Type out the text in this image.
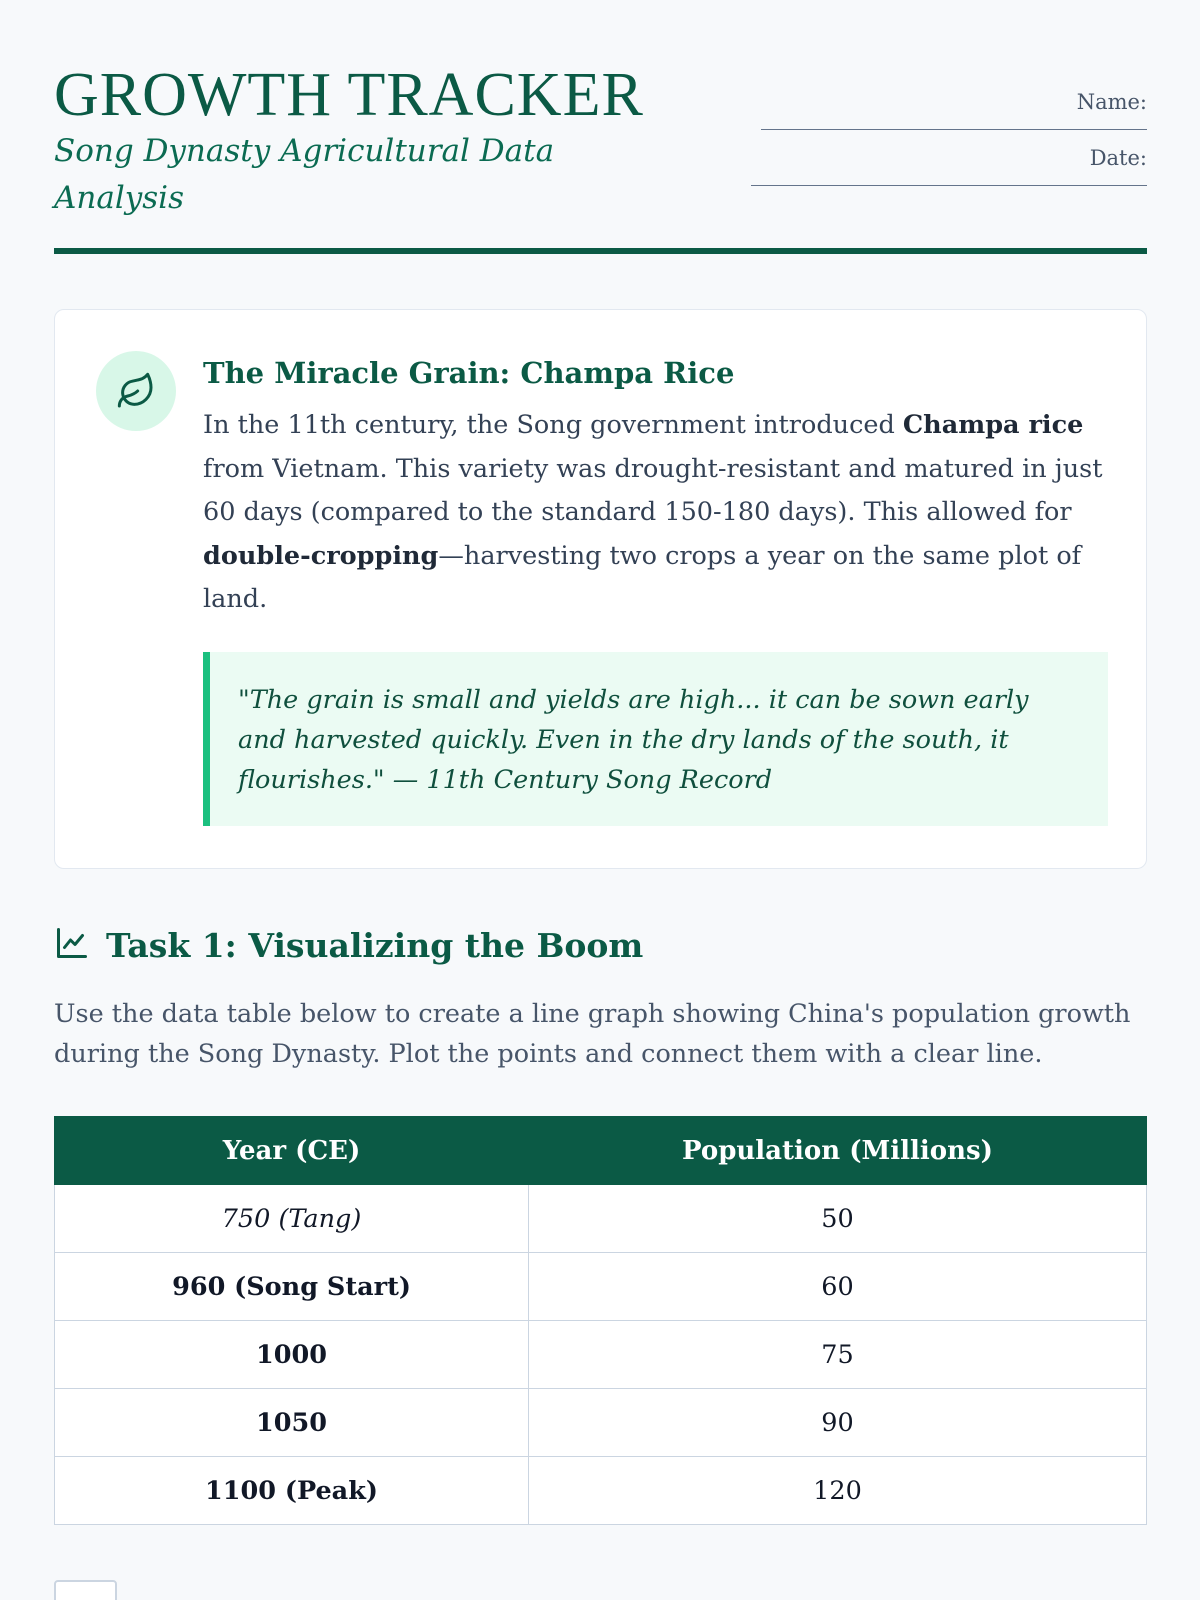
GROWTH TRACKER
Song Dynasty Agricultural Data Analysis
Name:
Date:
The Miracle Grain: Champa Rice

In the 11th century, the Song government introduced Champa rice from Vietnam. This variety was drought-resistant and matured in just 60 days (compared to the standard 150-180 days). This allowed for double-cropping—harvesting two crops a year on the same plot of land.

"The grain is small and yields are high... it can be sown early and harvested quickly. Even in the dry lands of the south, it flourishes." — 11th Century Song Record
Task 1: Visualizing the Boom

Use the data table below to create a line graph showing China's population growth during the Song Dynasty. Plot the points and connect them with a clear line.

Year (CE)	Population (Millions)
750 (Tang)	50
960 (Song Start)	60
1000	75
1050	90
1100 (Peak)	120
